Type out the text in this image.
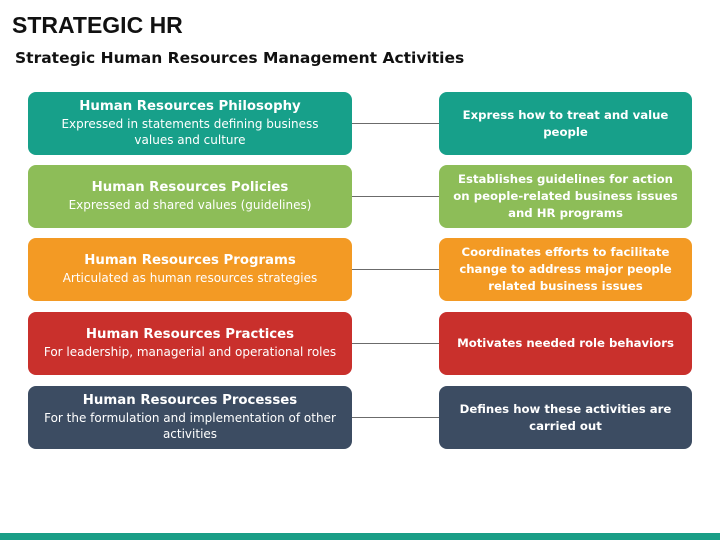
STRATEGIC HR
Strategic Human Resources Management Activities
Human Resources Philosophy
Expressed in statements defining business values and culture
Express how to treat and value people
Human Resources Policies
Expressed ad shared values (guidelines)
Establishes guidelines for action on people-related business issues and HR programs
Human Resources Programs
Articulated as human resources strategies
Coordinates efforts to facilitate change to address major people related business issues
Human Resources Practices
For leadership, managerial and operational roles
Motivates needed role behaviors
Human Resources Processes
For the formulation and implementation of other activities
Defines how these activities are carried out
